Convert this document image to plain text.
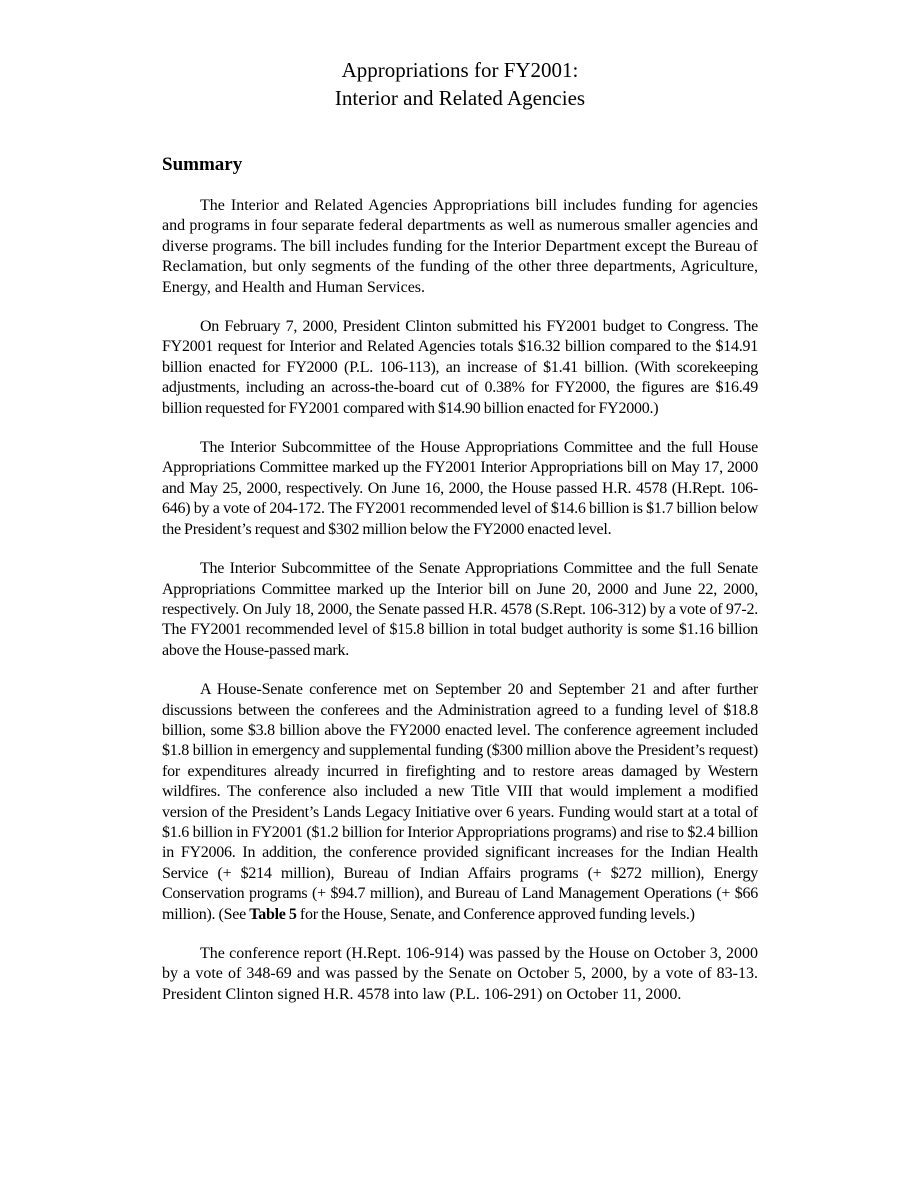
Appropriations for FY2001:
Interior and Related Agencies
Summary

The Interior and Related Agencies Appropriations bill includes funding for agencies and programs in four separate federal departments as well as numerous smaller agencies and diverse programs. The bill includes funding for the Interior Department except the Bureau of Reclamation, but only segments of the funding of the other three departments, Agriculture, Energy, and Health and Human Services.

On February 7, 2000, President Clinton submitted his FY2001 budget to Congress. The FY2001 request for Interior and Related Agencies totals $16.32 billion compared to the $14.91 billion enacted for FY2000 (P.L. 106-113), an increase of $1.41 billion. (With scorekeeping adjustments, including an across-the-board cut of 0.38% for FY2000, the figures are $16.49 billion requested for FY2001 compared with $14.90 billion enacted for FY2000.)

The Interior Subcommittee of the House Appropriations Committee and the full House Appropriations Committee marked up the FY2001 Interior Appropriations bill on May 17, 2000 and May 25, 2000, respectively. On June 16, 2000, the House passed H.R. 4578 (H.Rept. 106-646) by a vote of 204-172. The FY2001 recommended level of $14.6 billion is $1.7 billion below the President’s request and $302 million below the FY2000 enacted level.

The Interior Subcommittee of the Senate Appropriations Committee and the full Senate Appropriations Committee marked up the Interior bill on June 20, 2000 and June 22, 2000, respectively. On July 18, 2000, the Senate passed H.R. 4578 (S.Rept. 106-312) by a vote of 97-2. The FY2001 recommended level of $15.8 billion in total budget authority is some $1.16 billion above the House-passed mark.

A House-Senate conference met on September 20 and September 21 and after further discussions between the conferees and the Administration agreed to a funding level of $18.8 billion, some $3.8 billion above the FY2000 enacted level. The conference agreement included $1.8 billion in emergency and supplemental funding ($300 million above the President’s request) for expenditures already incurred in firefighting and to restore areas damaged by Western wildfires. The conference also included a new Title VIII that would implement a modified version of the President’s Lands Legacy Initiative over 6 years. Funding would start at a total of $1.6 billion in FY2001 ($1.2 billion for Interior Appropriations programs) and rise to $2.4 billion in FY2006. In addition, the conference provided significant increases for the Indian Health Service (+ $214 million), Bureau of Indian Affairs programs (+ $272 million), Energy Conservation programs (+ $94.7 million), and Bureau of Land Management Operations (+ $66 million). (See Table 5 for the House, Senate, and Conference approved funding levels.)

The conference report (H.Rept. 106-914) was passed by the House on October 3, 2000 by a vote of 348-69 and was passed by the Senate on October 5, 2000, by a vote of 83-13. President Clinton signed H.R. 4578 into law (P.L. 106-291) on October 11, 2000.
